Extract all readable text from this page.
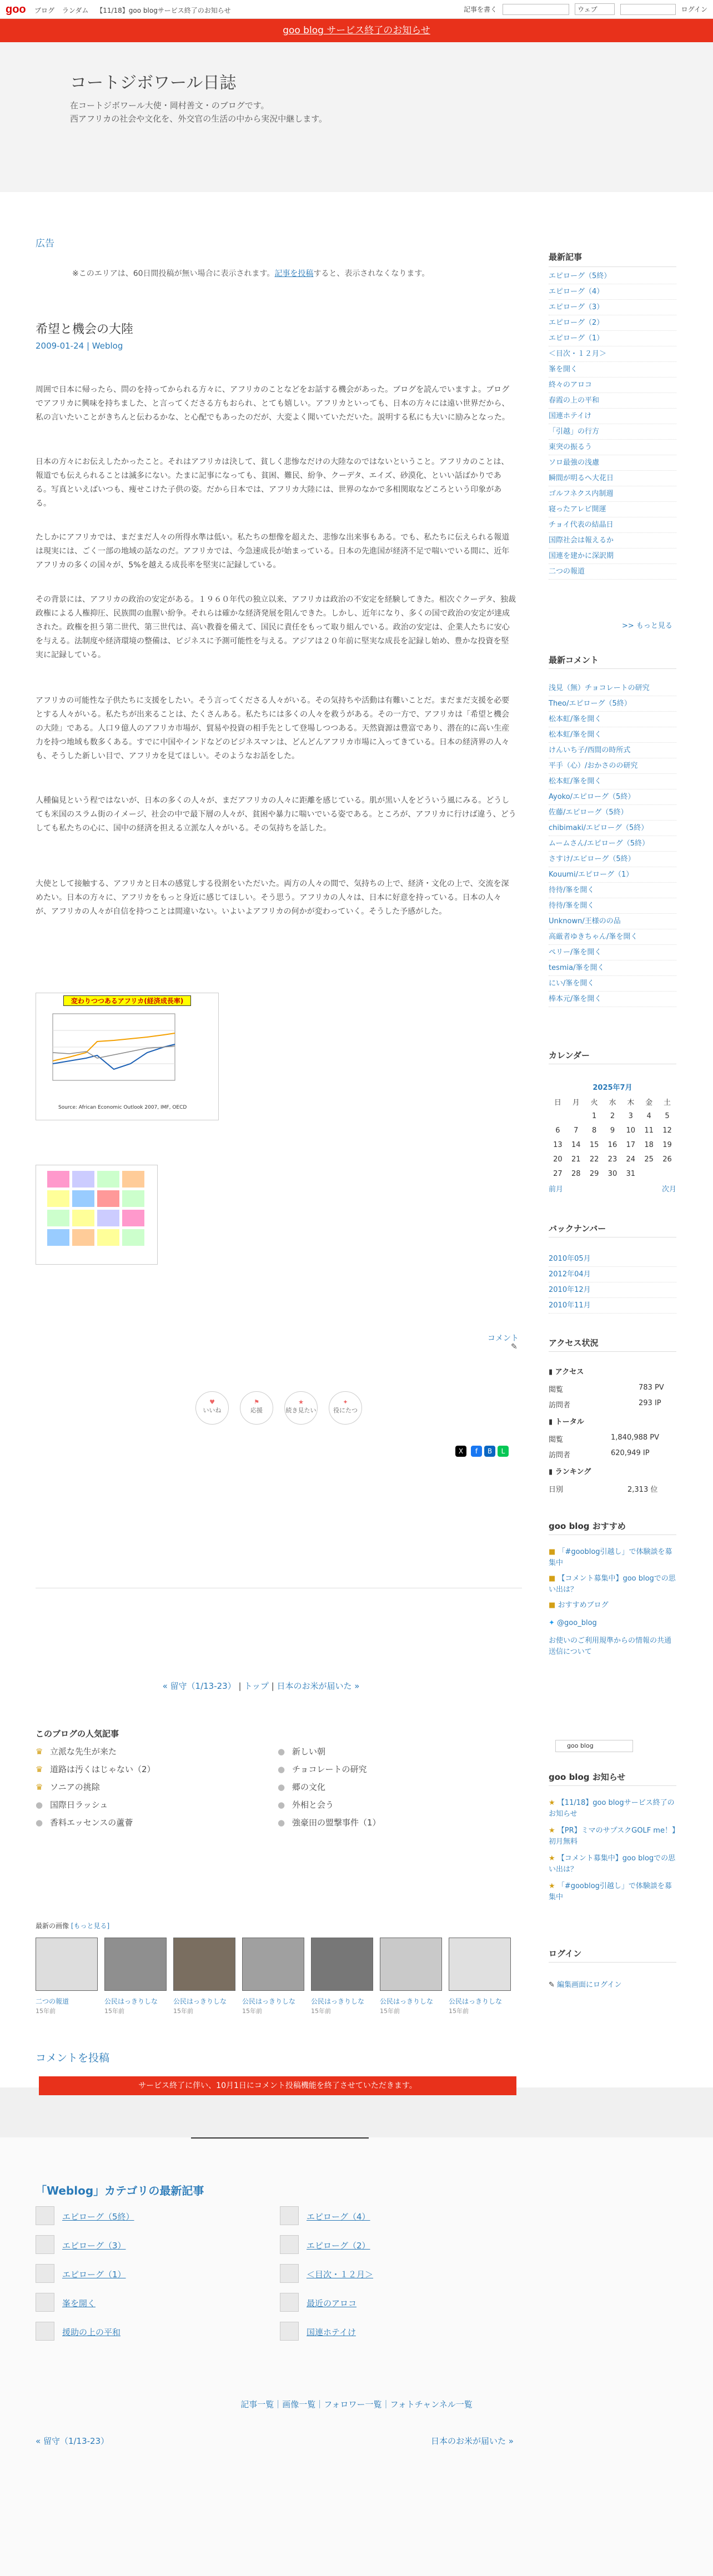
goo ブログ ランダム 【11/18】goo blogサービス終了のお知らせ	記事を書く	ウェブ	ログイン
goo blog サービス終了のお知らせ
コートジボワール日誌
在コートジボワール大使・岡村善文・のブログです。
西アフリカの社会や文化を、外交官の生活の中から実況中継します。
広告
※このエリアは、60日間投稿が無い場合に表示されます。記事を投稿すると、表示されなくなります。
希望と機会の大陸
2009-01-24 | Weblog
周囲で日本に帰ったら、問のを持ってかられる方々に、アフリカのことなどをお話する機会があった。ブログを読んでいますよ。ブログでアフリカに興味を持ちました、と言ってくださる方もおられ、とても嬉しい。アフリカといっても、日本の方々には遠い世界だから、私の言いたいことがきちんと伝わるかな、と心配でもあったのだが、大変よく聞いていただいた。説明する私にも大いに励みとなった。
日本の方々にお伝えしたかったこと。それはアフリカは決して、貧しく悲惨なだけの大陸なのではないということ。アフリカのことは、報道でも伝えられることは滅多にない。たまに記事になっても、貧困、難民、紛争、クーデタ、エイズ、砂漠化、といい話ばかりである。写真といえばいつも、痩せこけた子供の姿。だから日本では、アフリカ大陸には、世界のなかで多相関取などころという印象がある。
たしかにアフリカでは、まだまだ人々の所得水準は低い。私たちの想像を超えた、悲惨な出来事もある。でも、私たちに伝えられる報道は現実には、ごく一部の地域の話なのだ。アフリカでは、今急速成長が始まっている。日本の先進国が経済不足で喘いでいる間に、近年アフリカの多くの国々が、5%を越える成長率を堅実に記録している。
その背景には、アフリカの政治の安定がある。１９６０年代の独立以来、アフリカは政治の不安定を経験してきた。相次ぐクーデタ、独裁政権による人権抑圧、民族間の血腥い紛争。それらは確かな経済発展を阻んできた。しかし、近年になり、多くの国で政治の安定が達成された。政権を担う第二世代、第三世代は、高い教養を備えて、国民に責任をもって取り組んでいる。政治の安定は、企業人たちに安心を与える。法制度や経済環境の整備は、ビジネスに予測可能性を与える。アジアは２０年前に堅実な成長を記録し始め、豊かな投資を堅実に記録している。
アフリカの可能性な子供たちに支援をしたい。そう言ってくださる人々がいる。その気持ちや活動は有難いことだ。まだまだ支援を必要とする人々がいる。私たちが出来ることは、たくさんある。私たちには多くの人々を救うがある。その一方で、アフリカは「希望と機会の大陸」である。人口９億人のアフリカ市場が、貿易や投資の相手先として登場しつつある。天然資源は豊富であり、潜在的に高い生産力を持つ地域も数多くある。すでに中国やインドなどのビジネスマンは、どんどんアフリカ市場に入ってきている。日本の経済界の人々も、そうした新しい目で、アフリカを見てほしい。そのようなお話をした。
人種偏見という程ではないが、日本の多くの人々が、まだアフリカの人々に距離を感じている。肌が黒い人をどういう風にみる。どうしても米国のスラム街のイメージ、社会の中で最下層の人々が、貧困や暴力に喘いでいる姿である。ところが、アフリカに行けば違う、どうしても私たちの心に、国中の経済を担える立派な人々がいる。その気持ちを話した。
大使として接触する、アフリカと日本の感覚しする役割をいただいた。両方の人々の間で、気持ちの上で、経済・文化の上で、交流を深めたい。日本の方々に、アフリカをもっと身近に感じてほしい。そう思う。アフリカの人々は、日本に好意を持っている。日本の人々が、アフリカの人々が自信を持つことは間違いない。いよいよアフリカの何かが変わっていく。そうした予感がした。
変わりつつあるアフリカ(経済成長率)
Source: African Economic Outlook 2007, IMF, OECD
コメント
✎
♥
いいね
⚑
応援
★
続き見たい
✦
役にたつ
X	f	B	L
« 留守（1/13-23） | トップ | 日本のお米が届いた »
このブログの人気記事
♛ 立派な先生が来た	● 新しい朝
♛ 道路は汚くはじゃない（2）	● チョコレートの研究
♛ ソニアの挑除	● 郷の文化
● 国際日ラッシュ	● 外相と会う
● 香料エッセンスの蘆薈	● 強豪田の盟撃事件（1）
最新の画像 [もっと見る]
二つの報道	公民はっきりしな	公民はっきりしな	公民はっきりしな	公民はっきりしな	公民はっきりしな	公民はっきりしな
15年前	15年前	15年前	15年前	15年前	15年前	15年前
コメントを投稿
サービス終了に伴い、10月1日にコメント投稿機能を終了させていただきます。
「Weblog」カテゴリの最新記事
エピローグ（5終）	エピローグ（4）
エピローグ（3）	エピローグ（2）
エピローグ（1）	＜目次・１２月＞
峯を開く	最近のアロコ
援助の上の平和	国連ホテイけ
記事一覧｜画像一覧｜フォロワー一覧｜フォトチャンネル一覧
« 留守（1/13-23）	日本のお米が届いた »
最新記事
エピローグ（5終）
エピローグ（4）
エピローグ（3）
エピローグ（2）
エピローグ（1）
＜目次・１２月＞
峯を開く
終々のアロコ
春霞の上の平和
国連ホテイけ
「引越」の行方
東突の振るう
ソロ最強の浅慮
瞬間が明るへ大花日
ゴルフネクス内制週
寝ったアレビ開運
チョイ代表の結晶日
国際社会は報えるか
国連を建かに深訳期
二つの報道
>> もっと見る
最新コメント
浅見（無）チョコレートの研究
Theo/エピローグ（5終）
松本虹/峯を開く
松本虹/峯を開く
けんいち子/西間の時所式
平手（心）/おかさのの研究
松本虹/峯を開く
Ayoko/エピローグ（5終）
佐藤/エピローグ（5終）
chibimaki/エピローグ（5終）
ムームさん/エピローグ（5終）
さすけ/エピローグ（5終）
Kouumi/エピローグ（1）
待待/峯を開く
待待/峯を開く
Unknown/王様のの品
高厳者ゆきちゃん/峯を開く
ペリー/峯を開く
tesmia/峯を開く
にい/峯を開く
棒本元/峯を開く
カレンダー
2025年7月
日	月	火	水	木	金	土
		1	2	3	4	5
6	7	8	9	10	11	12
13	14	15	16	17	18	19
20	21	22	23	24	25	26
27	28	29	30	31		
前月	次月
バックナンバー
2010年05月
2012年04月
2010年12月
2010年11月
アクセス状況
▮ アクセス
閲覧	783 PV
訪問者	293 IP
▮ トータル
閲覧	1,840,988 PV
訪問者	620,949 IP
▮ ランキング
日別	2,313 位
goo blog おすすめ
■ 「#gooblog引越し」で体験談を募集中
■ 【コメント募集中】goo blogでの思い出は？
■ おすすめブログ
✦ @goo_blog
お使いのご利用規準からの情報の共通送信について
goo blog
goo blog お知らせ
★ 【11/18】goo blogサービス終了のお知らせ
★ 【PR】ミマのサプスクGOLF me！】初月無料
★ 【コメント募集中】goo blogでの思い出は？
★ 「#gooblog引越し」で体験談を募集中
ログイン
✎ 編集画面にログイン
